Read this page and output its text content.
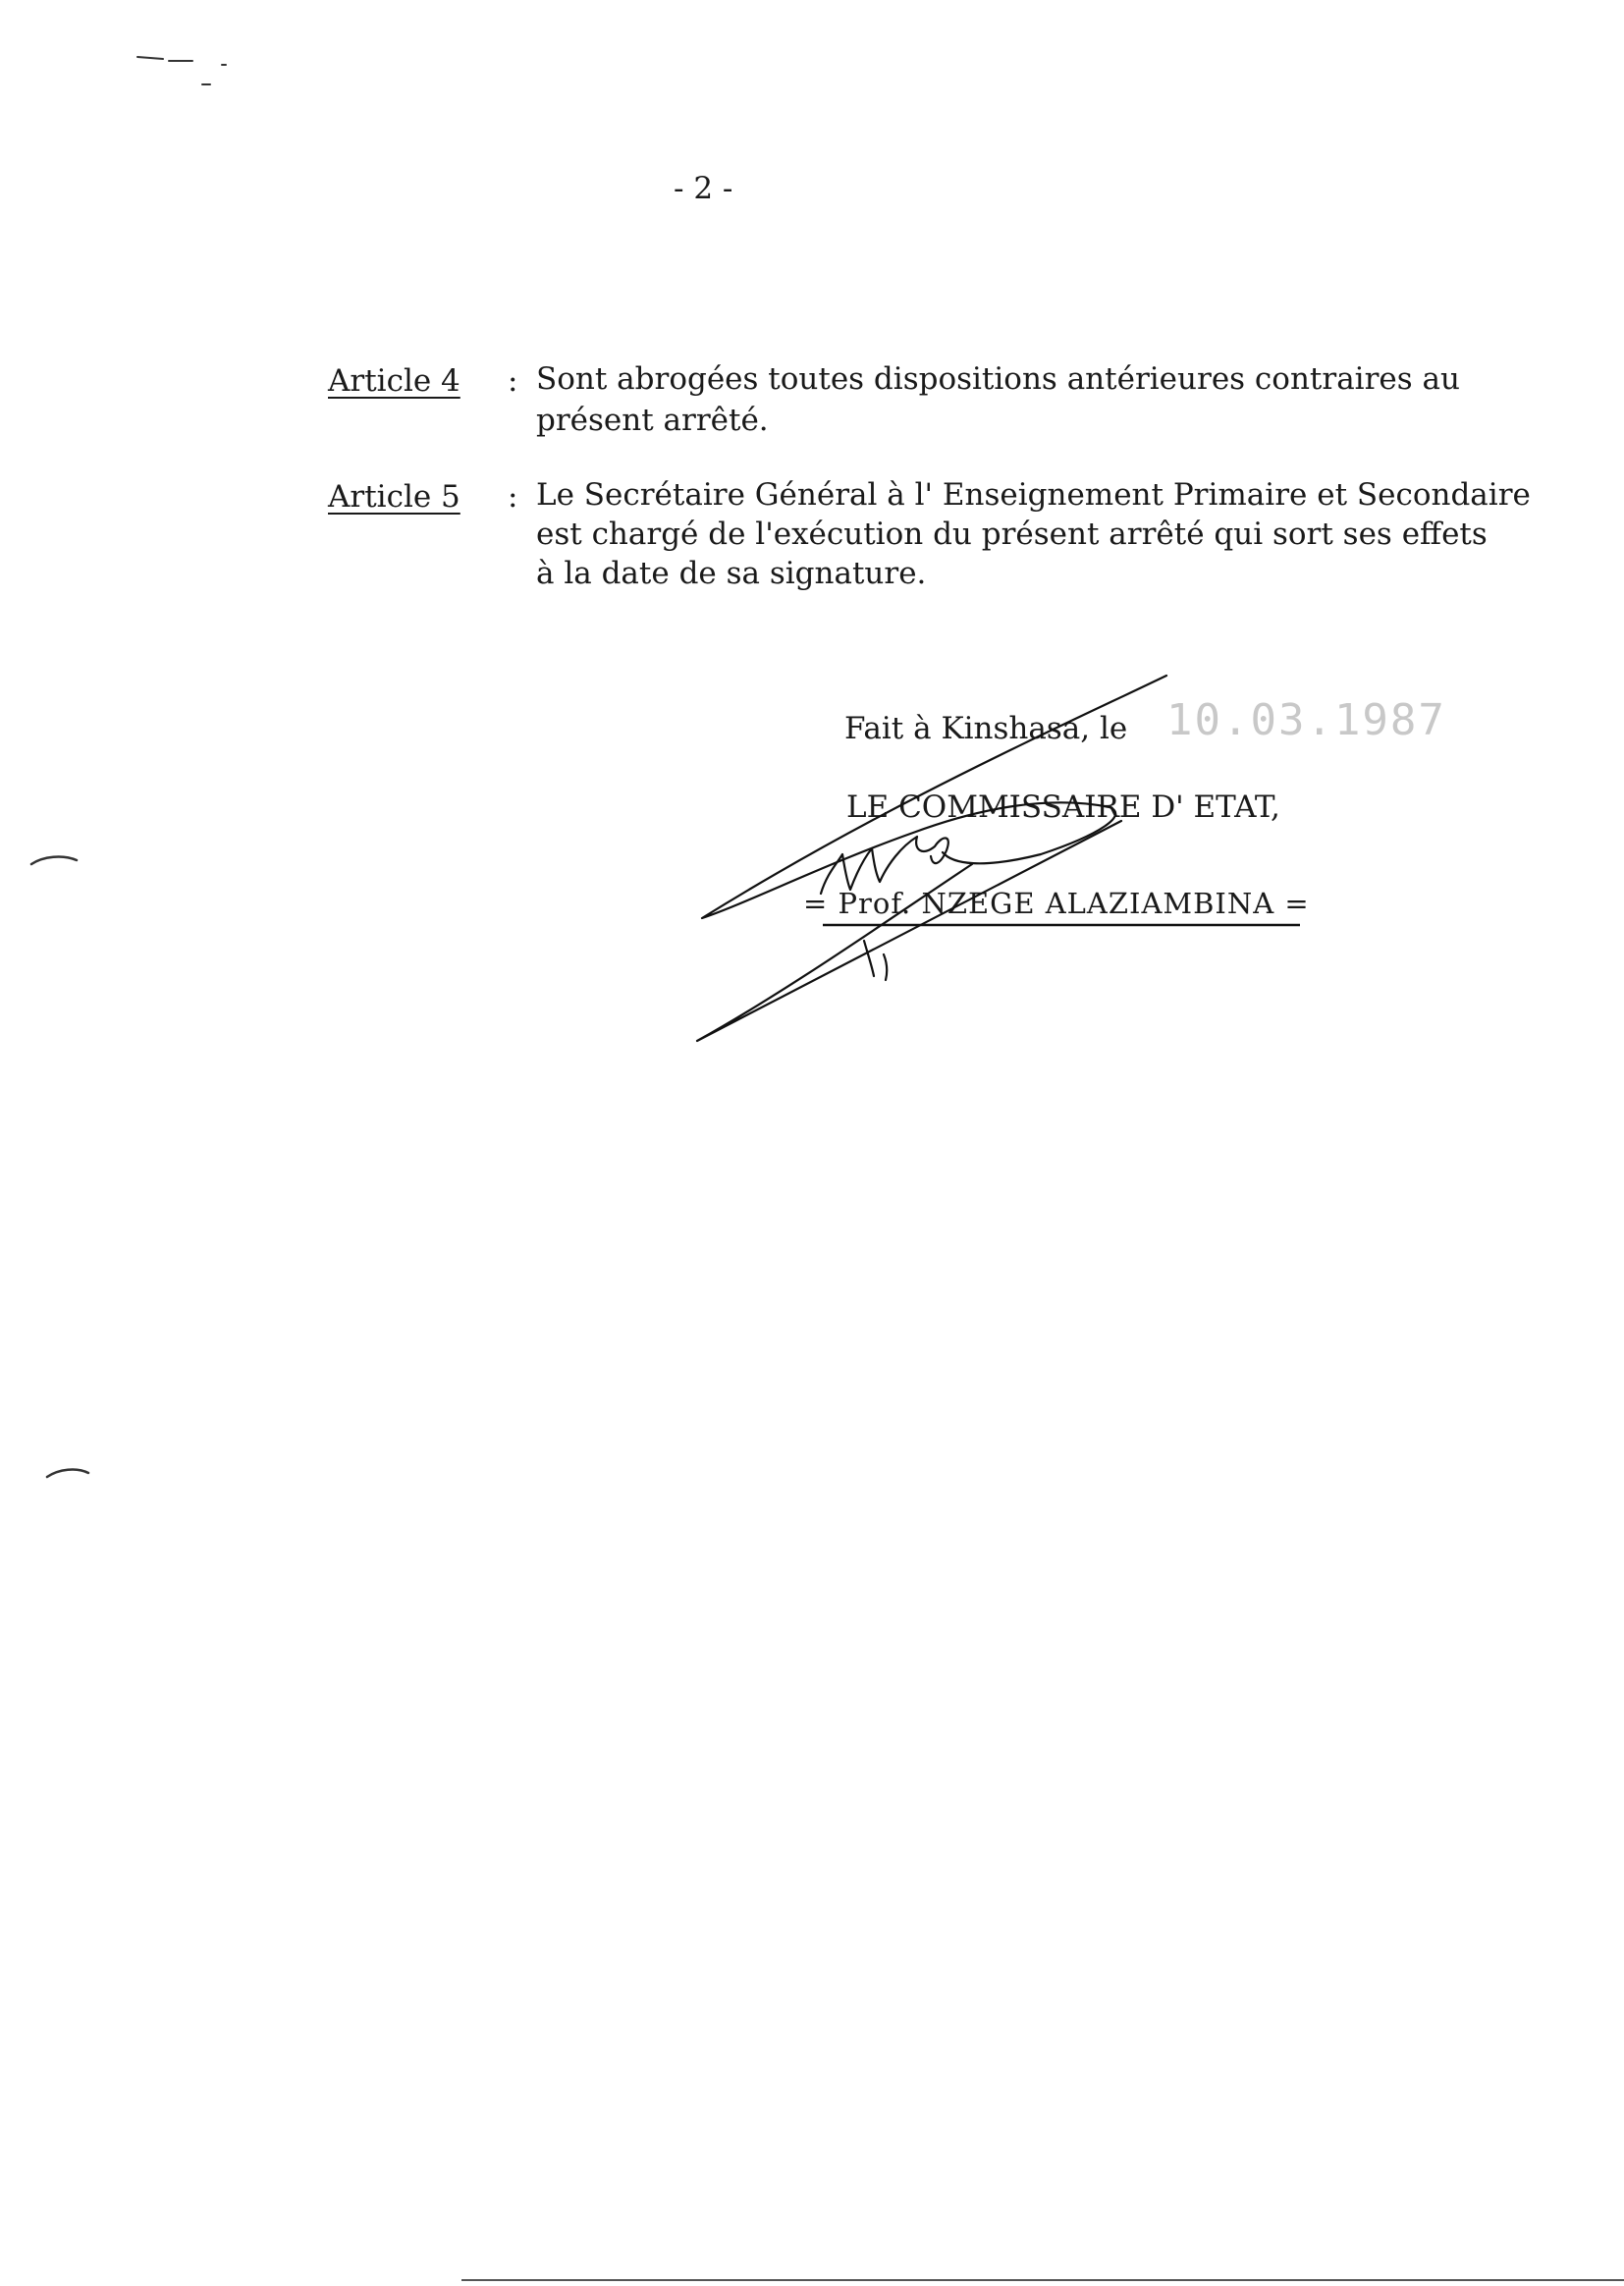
- 2 -
Article 4 : Sont abrogées toutes dispositions antérieures contraires au
présent arrêté.
Article 5 : Le Secrétaire Général à l' Enseignement Primaire et Secondaire
est chargé de l'exécution du présent arrêté qui sort ses effets
à la date de sa signature.
Fait à Kinshasa, le 10.03.1987
LE COMMISSAIRE D' ETAT,
= Prof. NZEGE ALAZIAMBINA =
